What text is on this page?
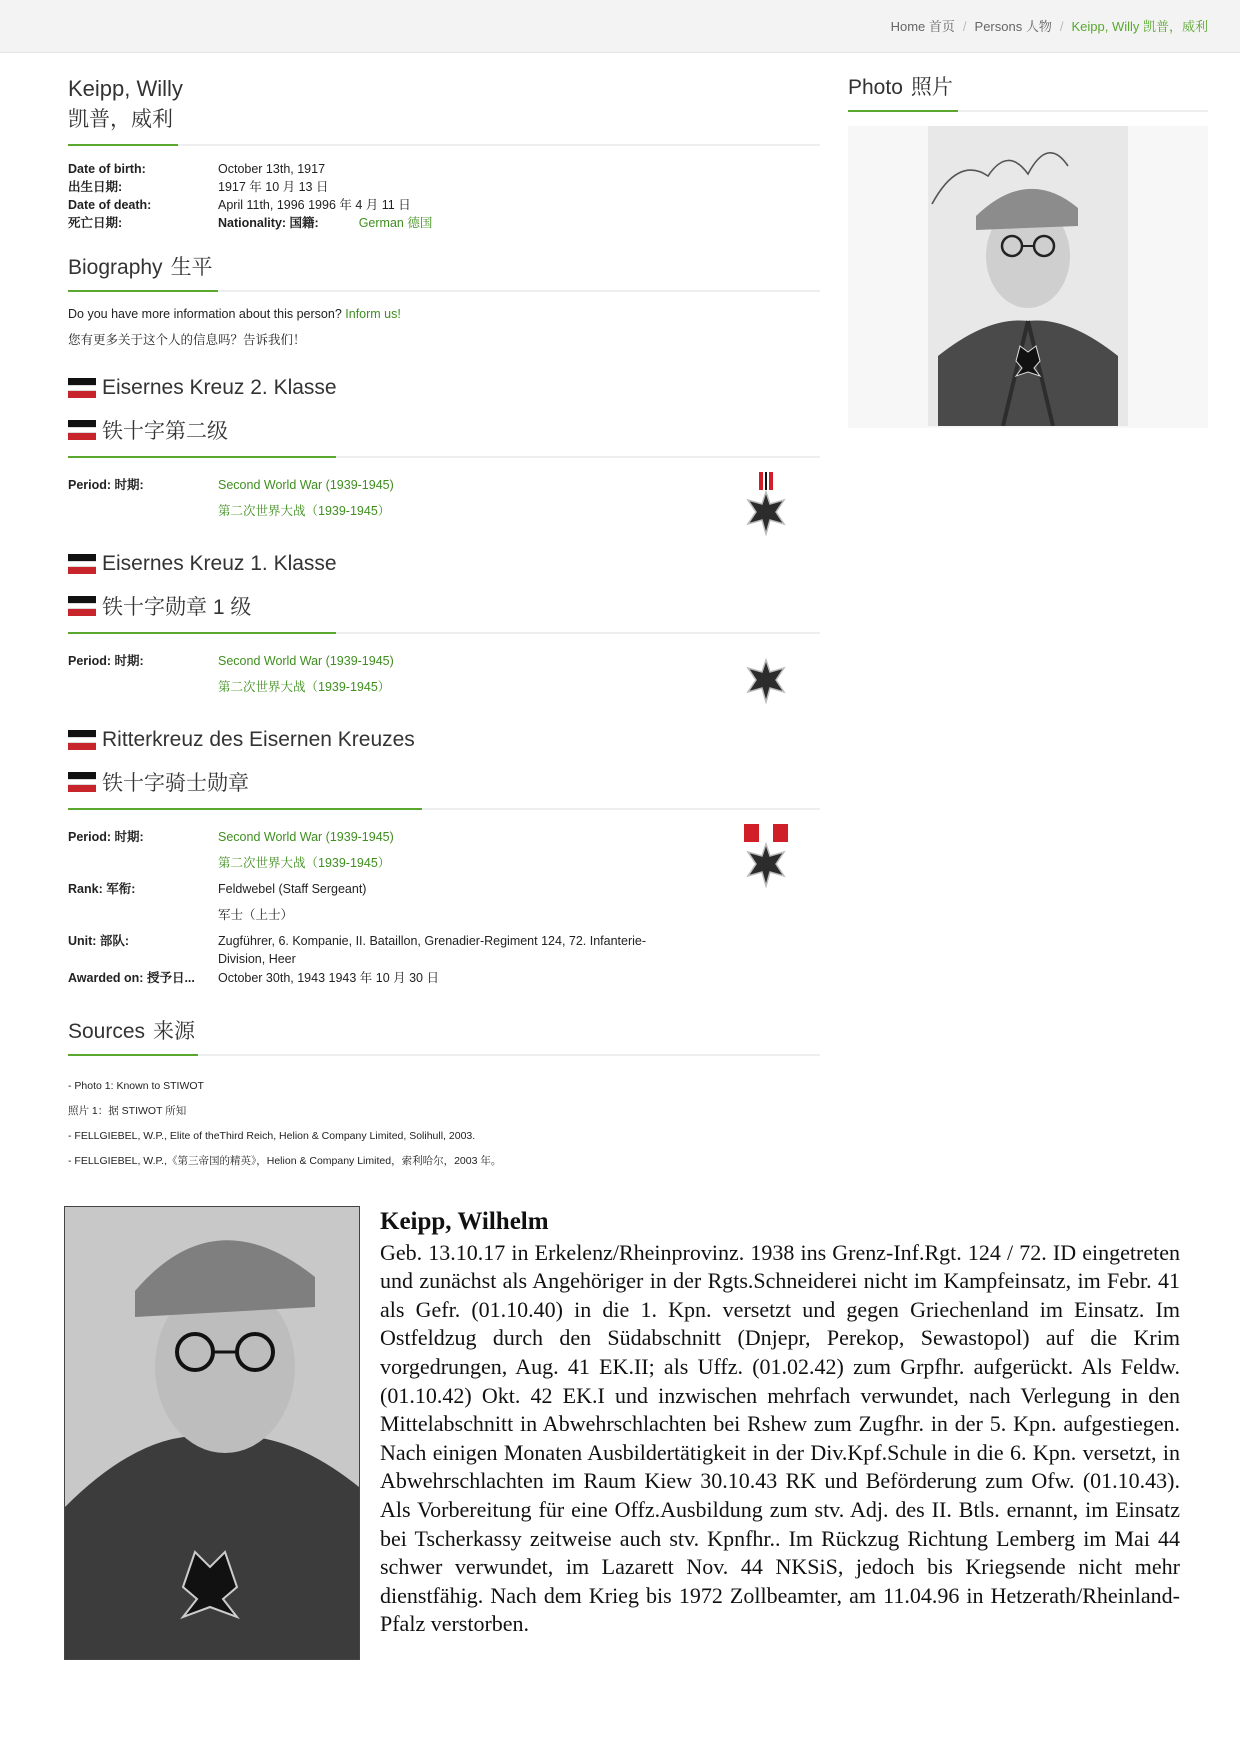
Home 首页 / Persons 人物 / Keipp, Willy 凯普，威利
Keipp, Willy
凯普，威利
Date of birth:	October 13th, 1917
出生日期:	1917 年 10 月 13 日
Date of death:	April 11th, 1996 1996 年 4 月 11 日
死亡日期:	Nationality: 国籍:	German 德国
Biography 生平
Do you have more information about this person? Inform us!
您有更多关于这个人的信息吗？告诉我们！
Eisernes Kreuz 2. Klasse
铁十字第二级
Period: 时期:	Second World War (1939-1945)
第二次世界大战（1939-1945）
Eisernes Kreuz 1. Klasse
铁十字勋章 1 级
Period: 时期:	Second World War (1939-1945)
第二次世界大战（1939-1945）
Ritterkreuz des Eisernen Kreuzes
铁十字骑士勋章
Period: 时期:	Second World War (1939-1945)
第二次世界大战（1939-1945）
Rank: 军衔:	Feldwebel (Staff Sergeant)
军士（上士）
Unit: 部队:	Zugführer, 6. Kompanie, II. Bataillon, Grenadier-Regiment 124, 72. Infanterie-Division, Heer
Awarded on: 授予日...	October 30th, 1943 1943 年 10 月 30 日
Sources 来源
- Photo 1: Known to STIWOT
照片 1：据 STIWOT 所知
- FELLGIEBEL, W.P., Elite of theThird Reich, Helion & Company Limited, Solihull, 2003.
- FELLGIEBEL, W.P.,《第三帝国的精英》，Helion & Company Limited，索利哈尔，2003 年。
Photo 照片
Keipp, Wilhelm
Geb. 13.10.17 in Erkelenz/Rheinprovinz. 1938 ins Grenz-Inf.Rgt. 124 / 72. ID eingetreten und zunächst als Angehöriger in der Rgts.Schneiderei nicht im Kampfeinsatz, im Febr. 41 als Gefr. (01.10.40) in die 1. Kpn. versetzt und gegen Griechenland im Einsatz. Im Ostfeldzug durch den Südabschnitt (Dnjepr, Perekop, Sewastopol) auf die Krim vorgedrungen, Aug. 41 EK.II; als Uffz. (01.02.42) zum Grpfhr. aufgerückt. Als Feldw. (01.10.42) Okt. 42 EK.I und inzwischen mehrfach verwundet, nach Verlegung in den Mittelabschnitt in Abwehrschlachten bei Rshew zum Zugfhr. in der 5. Kpn. aufgestiegen. Nach einigen Monaten Ausbildertätigkeit in der Div.Kpf.Schule in die 6. Kpn. versetzt, in Abwehrschlachten im Raum Kiew 30.10.43 RK und Beförderung zum Ofw. (01.10.43). Als Vorbereitung für eine Offz.Ausbildung zum stv. Adj. des II. Btls. ernannt, im Einsatz bei Tscherkassy zeitweise auch stv. Kpnfhr.. Im Rückzug Richtung Lemberg im Mai 44 schwer verwundet, im Lazarett Nov. 44 NKSiS, jedoch bis Kriegsende nicht mehr dienstfähig. Nach dem Krieg bis 1972 Zollbeamter, am 11.04.96 in Hetzerath/Rheinland-Pfalz verstorben.
